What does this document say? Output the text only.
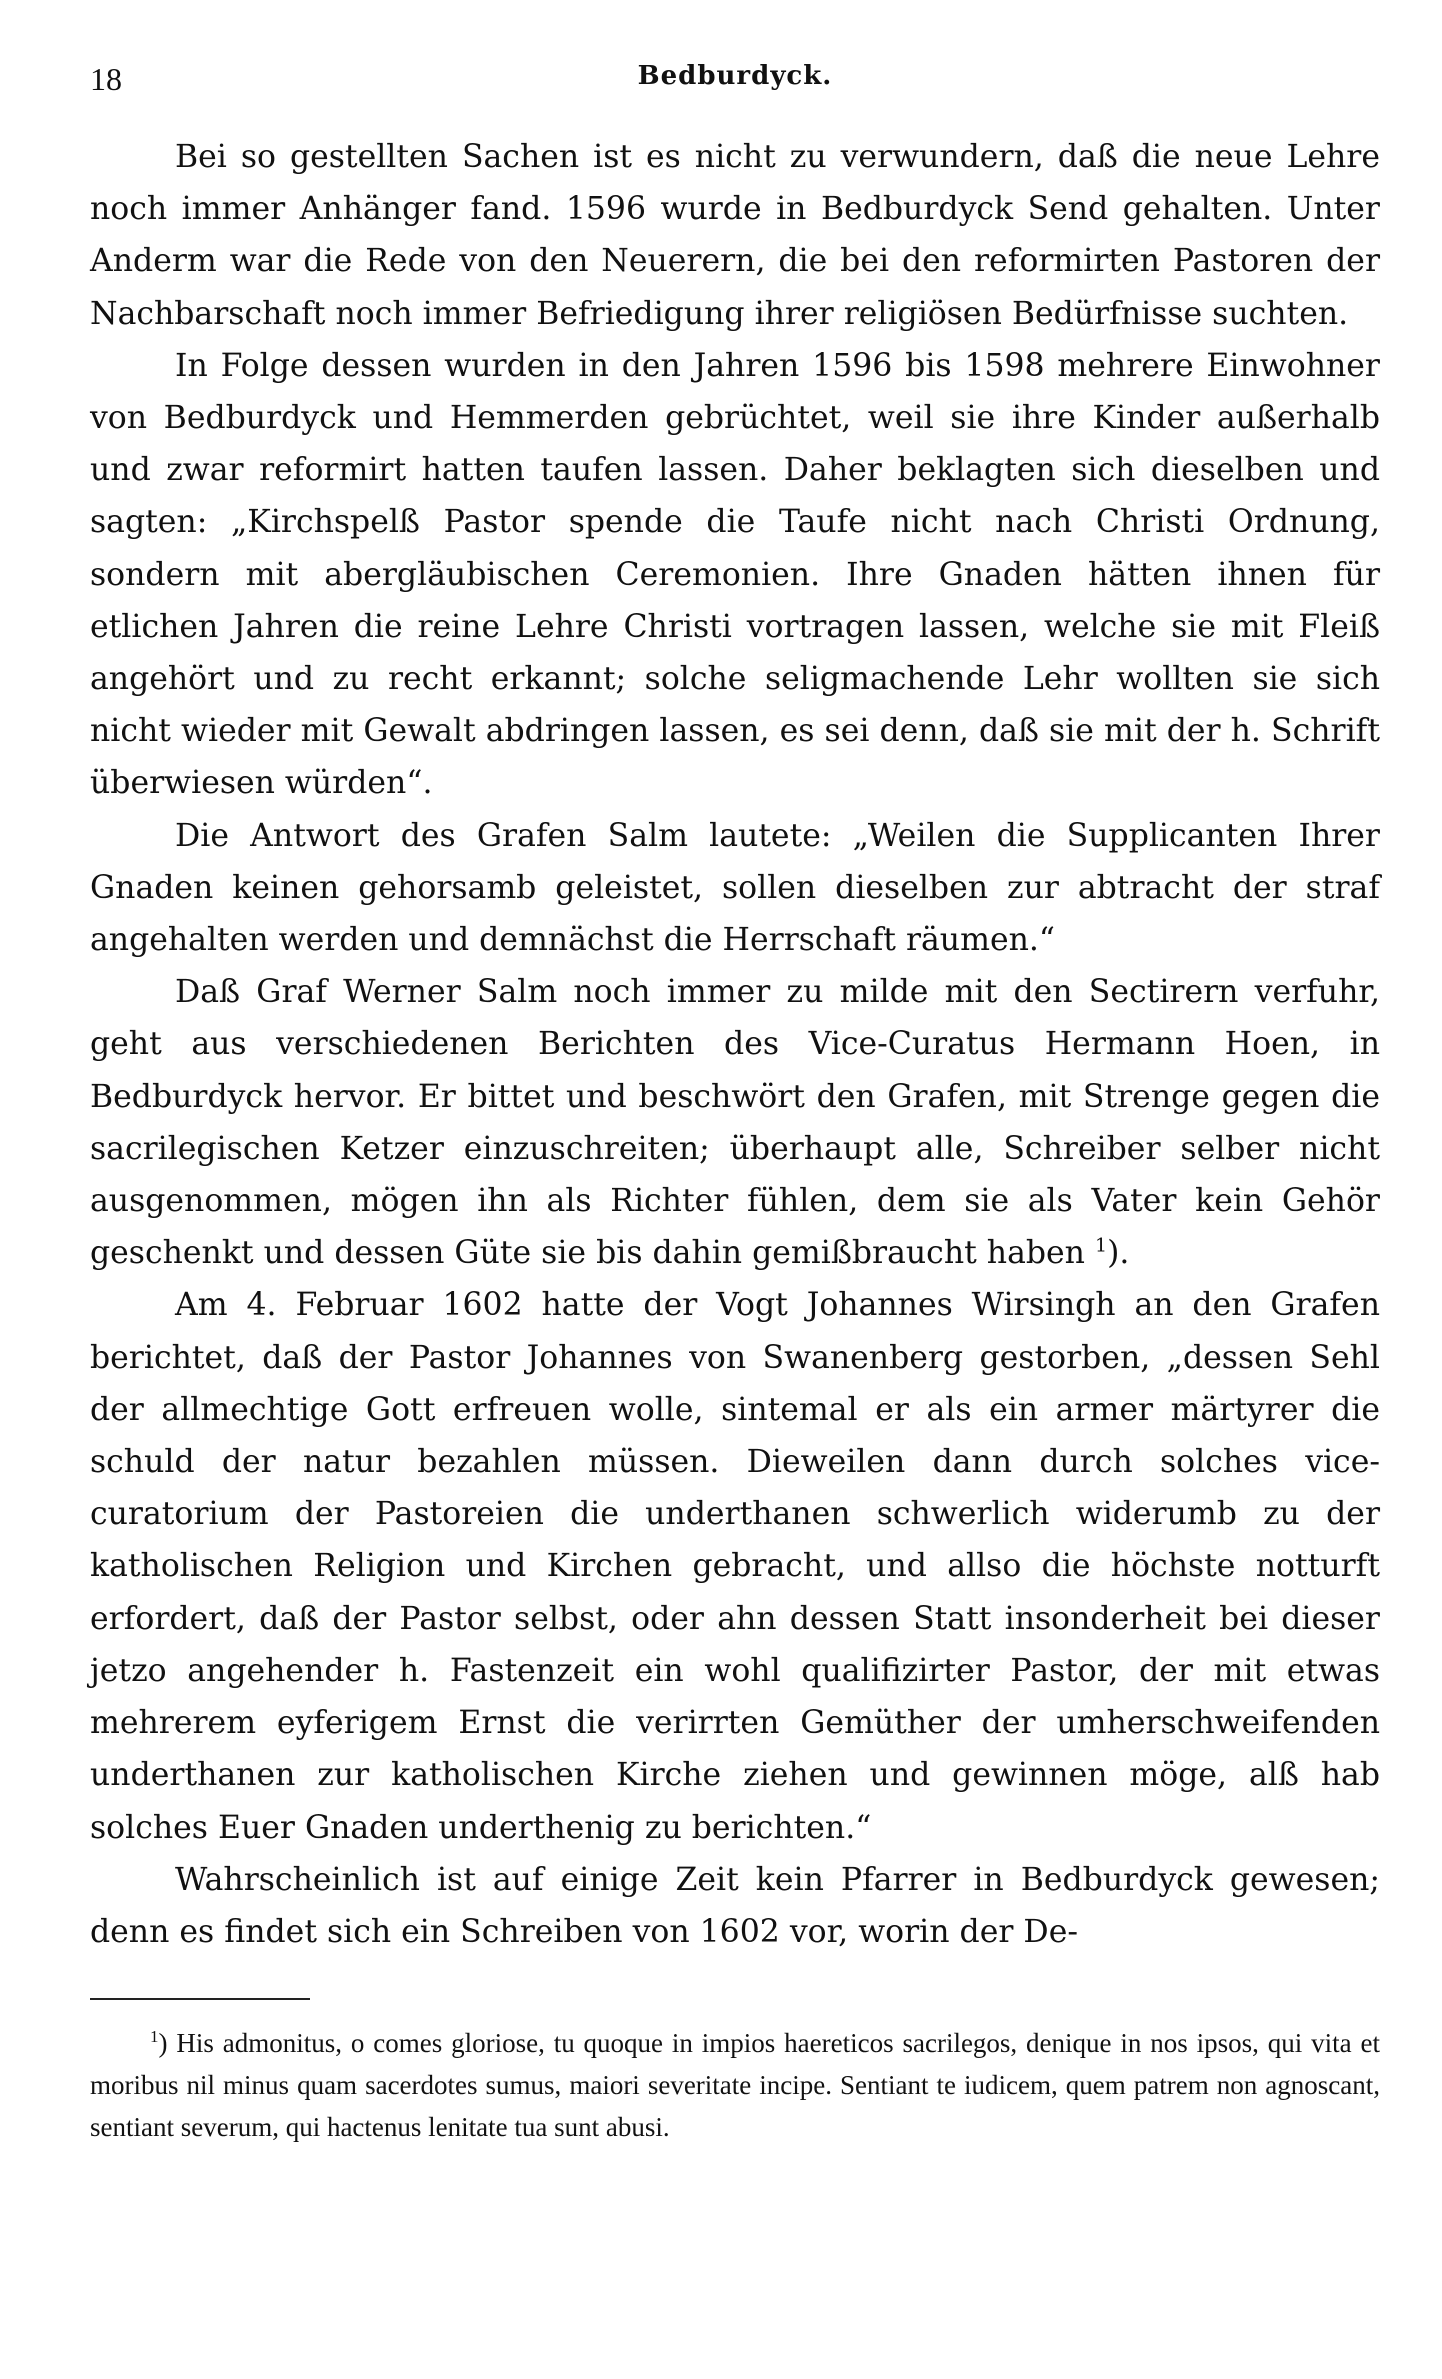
18	Bedburdyck.

Bei so gestellten Sachen ist es nicht zu verwundern, daß die neue Lehre noch immer Anhänger fand. 1596 wurde in Bedburdyck Send gehalten. Unter Anderm war die Rede von den Neuerern, die bei den reformirten Pastoren der Nachbarschaft noch immer Befriedigung ihrer religiösen Bedürfnisse suchten.

In Folge dessen wurden in den Jahren 1596 bis 1598 mehrere Einwohner von Bedburdyck und Hemmerden gebrüchtet, weil sie ihre Kinder außerhalb und zwar reformirt hatten taufen lassen. Daher beklagten sich dieselben und sagten: „Kirchspelß Pastor spende die Taufe nicht nach Christi Ordnung, sondern mit abergläubischen Ceremonien. Ihre Gnaden hätten ihnen für etlichen Jahren die reine Lehre Christi vortragen lassen, welche sie mit Fleiß angehört und zu recht erkannt; solche seligmachende Lehr wollten sie sich nicht wieder mit Gewalt abdringen lassen, es sei denn, daß sie mit der h. Schrift überwiesen würden“.

Die Antwort des Grafen Salm lautete: „Weilen die Supplicanten Ihrer Gnaden keinen gehorsamb geleistet, sollen dieselben zur abtracht der straf angehalten werden und demnächst die Herrschaft räumen.“

Daß Graf Werner Salm noch immer zu milde mit den Sectirern verfuhr, geht aus verschiedenen Berichten des Vice-Curatus Hermann Hoen, in Bedburdyck hervor. Er bittet und beschwört den Grafen, mit Strenge gegen die sacrilegischen Ketzer einzuschreiten; überhaupt alle, Schreiber selber nicht ausgenommen, mögen ihn als Richter fühlen, dem sie als Vater kein Gehör geschenkt und dessen Güte sie bis dahin gemißbraucht haben $^1$).

Am 4. Februar 1602 hatte der Vogt Johannes Wirsingh an den Grafen berichtet, daß der Pastor Johannes von Swanenberg gestorben, „dessen Sehl der allmechtige Gott erfreuen wolle, sintemal er als ein armer märtyrer die schuld der natur bezahlen müssen. Dieweilen dann durch solches vice-curatorium der Pastoreien die underthanen schwerlich widerumb zu der katholischen Religion und Kirchen gebracht, und allso die höchste notturft erfordert, daß der Pastor selbst, oder ahn dessen Statt insonderheit bei dieser jetzo angehender h. Fastenzeit ein wohl qualifizirter Pastor, der mit etwas mehrerem eyferigem Ernst die verirrten Gemüther der umherschweifenden underthanen zur katholischen Kirche ziehen und gewinnen möge, alß hab solches Euer Gnaden underthenig zu berichten.“

Wahrscheinlich ist auf einige Zeit kein Pfarrer in Bedburdyck gewesen; denn es findet sich ein Schreiben von 1602 vor, worin der De-

$^1$) His admonitus, o comes gloriose, tu quoque in impios haereticos sacrilegos, denique in nos ipsos, qui vita et moribus nil minus quam sacerdotes sumus, maiori severitate incipe. Sentiant te iudicem, quem patrem non agnoscant, sentiant severum, qui hactenus lenitate tua sunt abusi.
